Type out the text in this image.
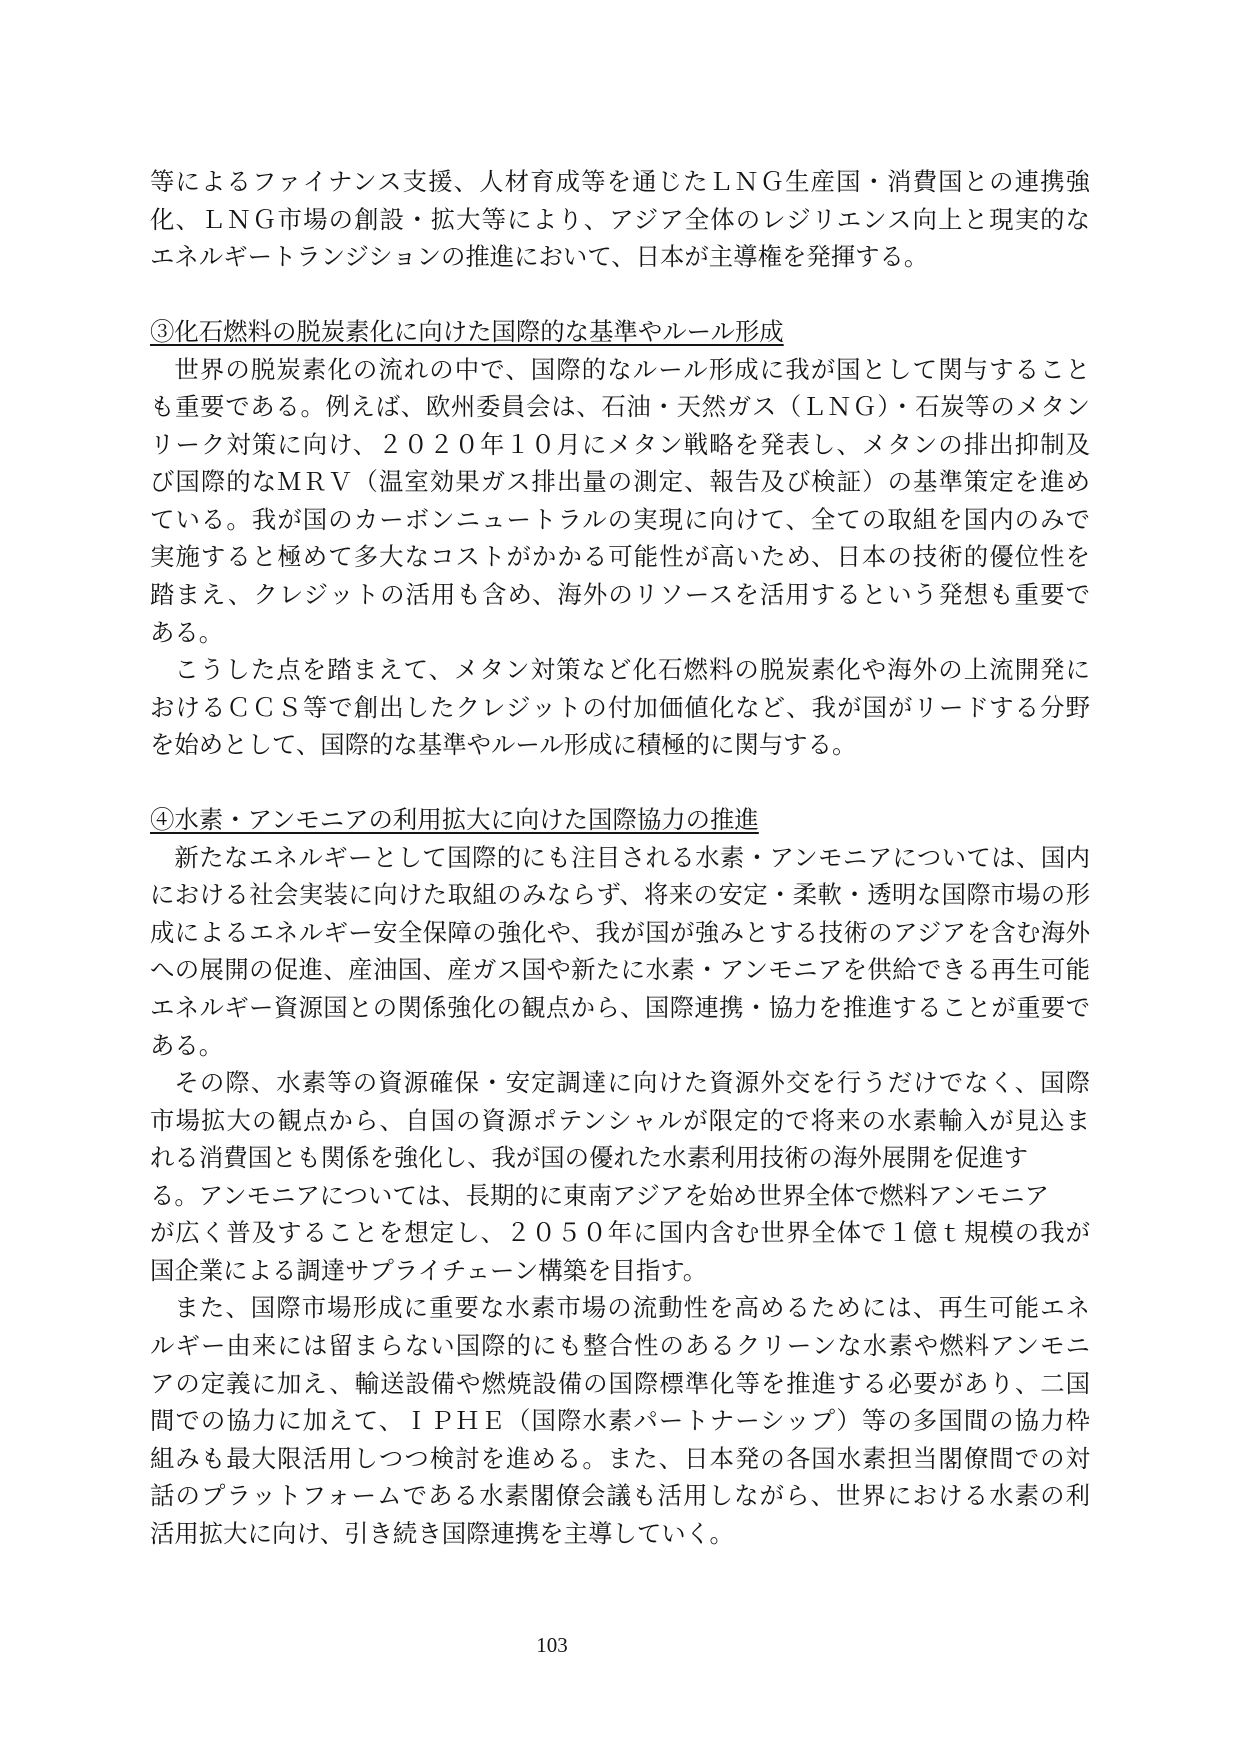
等によるファイナンス支援、人材育成等を通じたＬＮＧ生産国・消費国との連携強
化、ＬＮＧ市場の創設・拡大等により、アジア全体のレジリエンス向上と現実的な
エネルギートランジションの推進において、日本が主導権を発揮する。
③化石燃料の脱炭素化に向けた国際的な基準やルール形成
世界の脱炭素化の流れの中で、国際的なルール形成に我が国として関与すること
も重要である。例えば、欧州委員会は、石油・天然ガス（ＬＮＧ）・石炭等のメタン
リーク対策に向け、２０２０年１０月にメタン戦略を発表し、メタンの排出抑制及
び国際的なＭＲＶ（温室効果ガス排出量の測定、報告及び検証）の基準策定を進め
ている。我が国のカーボンニュートラルの実現に向けて、全ての取組を国内のみで
実施すると極めて多大なコストがかかる可能性が高いため、日本の技術的優位性を
踏まえ、クレジットの活用も含め、海外のリソースを活用するという発想も重要で
ある。
こうした点を踏まえて、メタン対策など化石燃料の脱炭素化や海外の上流開発に
おけるＣＣＳ等で創出したクレジットの付加価値化など、我が国がリードする分野
を始めとして、国際的な基準やルール形成に積極的に関与する。
④水素・アンモニアの利用拡大に向けた国際協力の推進
新たなエネルギーとして国際的にも注目される水素・アンモニアについては、国内
における社会実装に向けた取組のみならず、将来の安定・柔軟・透明な国際市場の形
成によるエネルギー安全保障の強化や、我が国が強みとする技術のアジアを含む海外
への展開の促進、産油国、産ガス国や新たに水素・アンモニアを供給できる再生可能
エネルギー資源国との関係強化の観点から、国際連携・協力を推進することが重要で
ある。
その際、水素等の資源確保・安定調達に向けた資源外交を行うだけでなく、国際
市場拡大の観点から、自国の資源ポテンシャルが限定的で将来の水素輸入が見込ま
れる消費国とも関係を強化し、我が国の優れた水素利用技術の海外展開を促進す
る。アンモニアについては、長期的に東南アジアを始め世界全体で燃料アンモニア
が広く普及することを想定し、２０５０年に国内含む世界全体で１億ｔ規模の我が
国企業による調達サプライチェーン構築を目指す。
また、国際市場形成に重要な水素市場の流動性を高めるためには、再生可能エネ
ルギー由来には留まらない国際的にも整合性のあるクリーンな水素や燃料アンモニ
アの定義に加え、輸送設備や燃焼設備の国際標準化等を推進する必要があり、二国
間での協力に加えて、ＩＰＨＥ（国際水素パートナーシップ）等の多国間の協力枠
組みも最大限活用しつつ検討を進める。また、日本発の各国水素担当閣僚間での対
話のプラットフォームである水素閣僚会議も活用しながら、世界における水素の利
活用拡大に向け、引き続き国際連携を主導していく。
103
